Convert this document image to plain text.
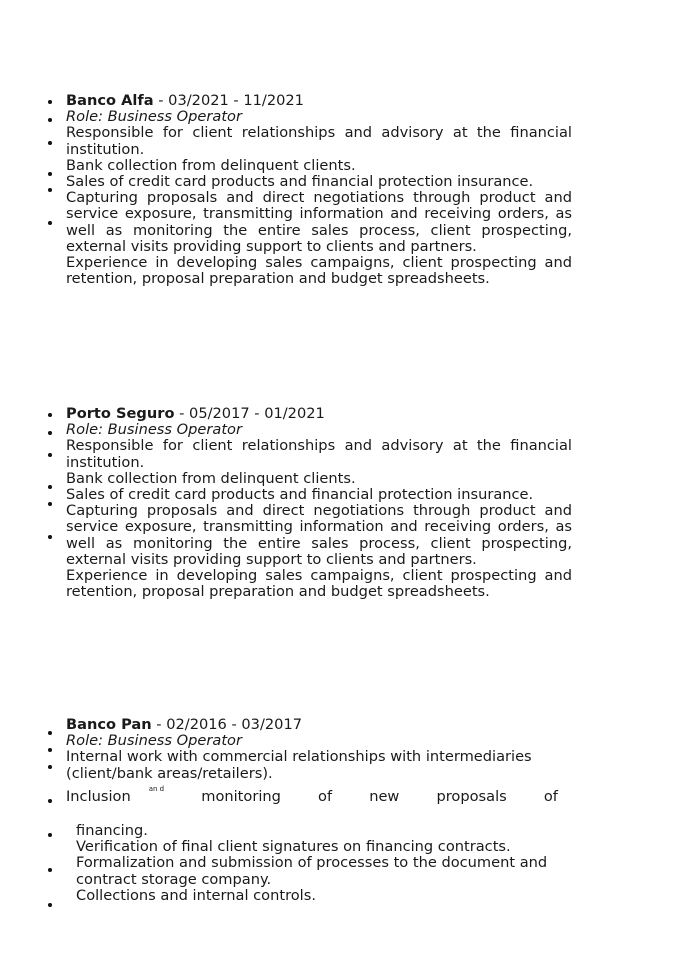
Banco Alfa - 03/2021 - 11/2021
Role: Business Operator
Responsible for client relationships and advisory at the financial
institution.
Bank collection from delinquent clients.
Sales of credit card products and financial protection insurance.
Capturing proposals and direct negotiations through product and
service exposure, transmitting information and receiving orders, as
well as monitoring the entire sales process, client prospecting,
external visits providing support to clients and partners.
Experience in developing sales campaigns, client prospecting and
retention, proposal preparation and budget spreadsheets.
Porto Seguro - 05/2017 - 01/2021
Role: Business Operator
Responsible for client relationships and advisory at the financial
institution.
Bank collection from delinquent clients.
Sales of credit card products and financial protection insurance.
Capturing proposals and direct negotiations through product and
service exposure, transmitting information and receiving orders, as
well as monitoring the entire sales process, client prospecting,
external visits providing support to clients and partners.
Experience in developing sales campaigns, client prospecting and
retention, proposal preparation and budget spreadsheets.
Banco Pan - 02/2016 - 03/2017
Role: Business Operator
Internal work with commercial relationships with intermediaries
(client/bank areas/retailers).
Inclusion	an d	monitoring	of	new	proposals	of
financing.
Verification of final client signatures on financing contracts.
Formalization and submission of processes to the document and
contract storage company.
Collections and internal controls.
